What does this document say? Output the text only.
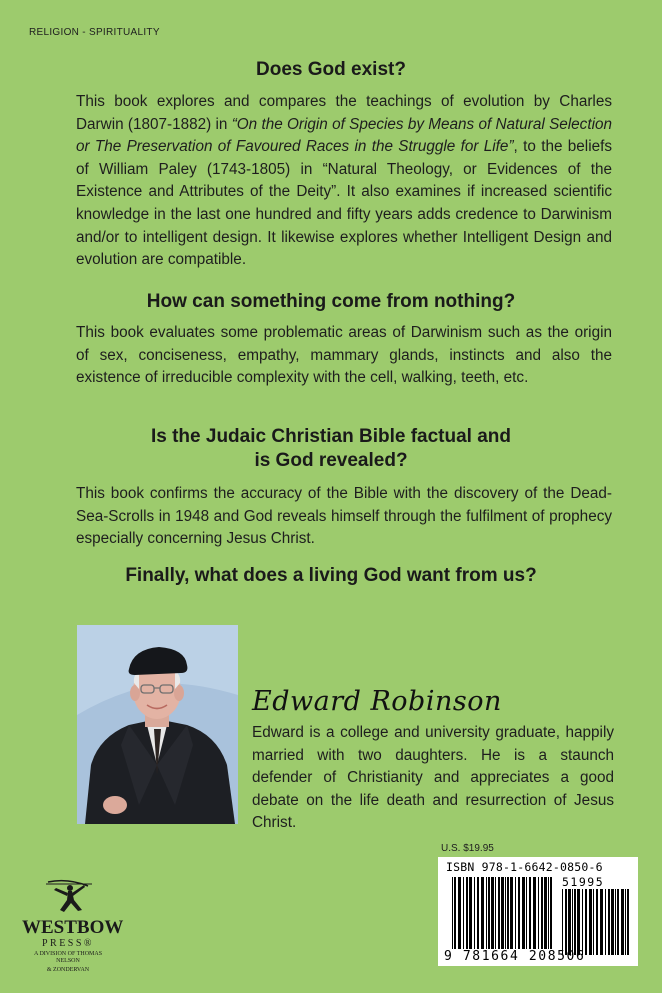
RELIGION - SPIRITUALITY
Does God exist?
This book explores and compares the teachings of evolution by Charles Darwin (1807-1882) in “On the Origin of Species by Means of Natural Selection or The Preservation of Favoured Races in the Struggle for Life”, to the beliefs of William Paley (1743-1805) in “Natural Theology, or Evidences of the Existence and Attributes of the Deity”. It also examines if increased scientific knowledge in the last one hundred and fifty years adds credence to Darwinism and/or to intelligent design. It likewise explores whether Intelligent Design and evolution are compatible.
How can something come from nothing?
This book evaluates some problematic areas of Darwinism such as the origin of sex, conciseness, empathy, mammary glands, instincts and also the existence of irreducible complexity with the cell, walking, teeth, etc.
Is the Judaic Christian Bible factual and
is God revealed?
This book confirms the accuracy of the Bible with the discovery of the Dead-Sea-Scrolls in 1948 and God reveals himself through the fulfilment of prophecy especially concerning Jesus Christ.
Finally, what does a living God want from us?
Edward Robinson
Edward is a college and university graduate, happily married with two daughters. He is a staunch defender of Christianity and appreciates a good debate on the life death and resurrection of Jesus Christ.
U.S. $19.95
ISBN 978-1-6642-0850-6
51995
9 781664 208506
WESTBOW
PRESS®
A DIVISION OF THOMAS NELSON
& ZONDERVAN
